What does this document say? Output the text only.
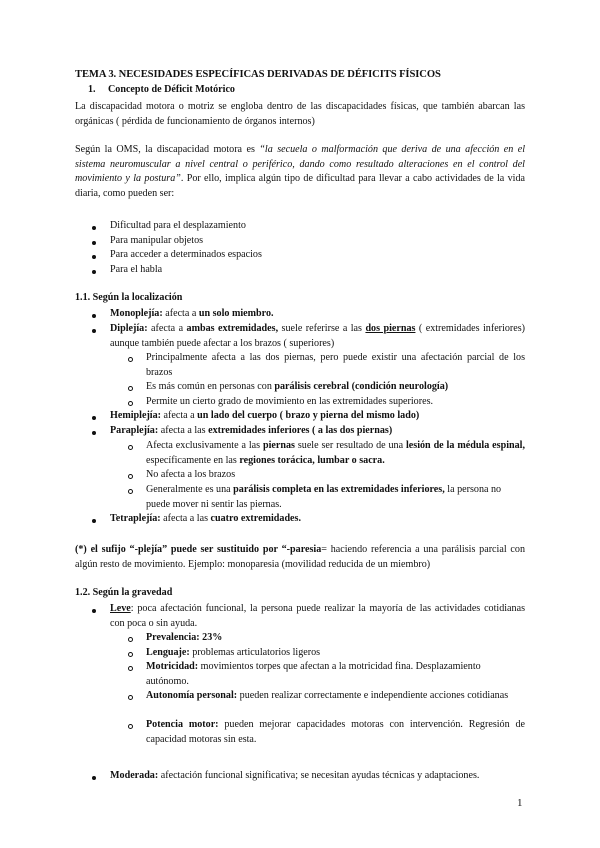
TEMA 3. NECESIDADES ESPECÍFICAS DERIVADAS DE DÉFICITS FÍSICOS
1. Concepto de Déficit Motórico
La discapacidad motora o motriz se engloba dentro de las discapacidades físicas, que también abarcan las orgánicas ( pérdida de funcionamiento de órganos internos)
Según la OMS, la discapacidad motora es “la secuela o malformación que deriva de una afección en el sistema neuromuscular a nivel central o periférico, dando como resultado alteraciones en el control del movimiento y la postura”. Por ello, implica algún tipo de dificultad para llevar a cabo actividades de la vida diaria, como pueden ser:
Dificultad para el desplazamiento
Para manipular objetos
Para acceder a determinados espacios
Para el habla
1.1. Según la localización
Monoplejía: afecta a un solo miembro.
Diplejía: afecta a ambas extremidades, suele referirse a las dos piernas ( extremidades inferiores) aunque también puede afectar a los brazos ( superiores)
Principalmente afecta a las dos piernas, pero puede existir una afectación parcial de los brazos
Es más común en personas con parálisis cerebral (condición neurología)
Permite un cierto grado de movimiento en las extremidades superiores.
Hemiplejía: afecta a un lado del cuerpo ( brazo y pierna del mismo lado)
Paraplejía: afecta a las extremidades inferiores ( a las dos piernas)
Afecta exclusivamente a las piernas suele ser resultado de una lesión de la médula espinal, específicamente en las regiones torácica, lumbar o sacra.
No afecta a los brazos
Generalmente es una parálisis completa en las extremidades inferiores, la persona no puede mover ni sentir las piernas.
Tetraplejía: afecta a las cuatro extremidades.
(*) el sufijo “-plejía” puede ser sustituido por “-paresia= haciendo referencia a una parálisis parcial con algún resto de movimiento. Ejemplo: monoparesia (movilidad reducida de un miembro)
1.2. Según la gravedad
Leve: poca afectación funcional, la persona puede realizar la mayoría de las actividades cotidianas con poca o sin ayuda.
Prevalencia: 23%
Lenguaje: problemas articulatorios ligeros
Motricidad: movimientos torpes que afectan a la motricidad fina. Desplazamiento autónomo.
Autonomía personal: pueden realizar correctamente e independiente acciones cotidianas
Potencia motor: pueden mejorar capacidades motoras con intervención. Regresión de capacidad motoras sin esta.
Moderada: afectación funcional significativa; se necesitan ayudas técnicas y adaptaciones.
1
